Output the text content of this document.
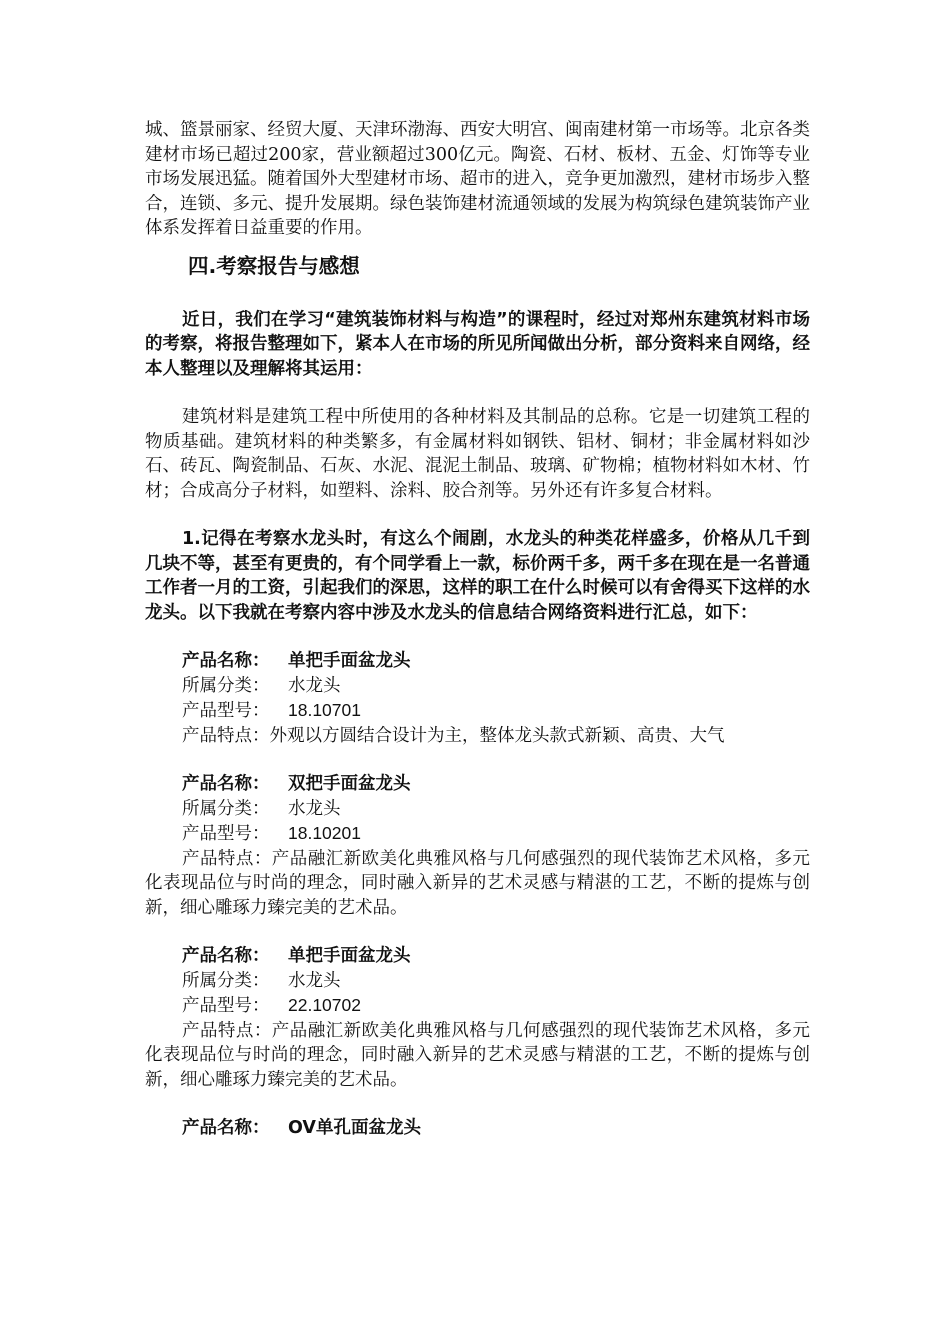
城、篮景丽家、经贸大厦、天津环渤海、西安大明宫、闽南建材第一市场等。北京各类建材市场已超过200家，营业额超过300亿元。陶瓷、石材、板材、五金、灯饰等专业市场发展迅猛。随着国外大型建材市场、超市的进入，竞争更加激烈，建材市场步入整合，连锁、多元、提升发展期。绿色装饰建材流通领域的发展为构筑绿色建筑装饰产业体系发挥着日益重要的作用。

四.考察报告与感想

近日，我们在学习“建筑装饰材料与构造”的课程时，经过对郑州东建筑材料市场的考察，将报告整理如下，紧本人在市场的所见所闻做出分析，部分资料来自网络，经本人整理以及理解将其运用：

建筑材料是建筑工程中所使用的各种材料及其制品的总称。它是一切建筑工程的物质基础。建筑材料的种类繁多，有金属材料如钢铁、铝材、铜材；非金属材料如沙石、砖瓦、陶瓷制品、石灰、水泥、混泥土制品、玻璃、矿物棉；植物材料如木材、竹材；合成高分子材料，如塑料、涂料、胶合剂等。另外还有许多复合材料。

1.记得在考察水龙头时，有这么个闹剧，水龙头的种类花样盛多，价格从几千到几块不等，甚至有更贵的，有个同学看上一款，标价两千多，两千多在现在是一名普通工作者一月的工资，引起我们的深思，这样的职工在什么时候可以有舍得买下这样的水龙头。以下我就在考察内容中涉及水龙头的信息结合网络资料进行汇总，如下：

产品名称： 单把手面盆龙头

所属分类： 水龙头

产品型号： 18.10701

产品特点：外观以方圆结合设计为主，整体龙头款式新颖、高贵、大气

产品名称： 双把手面盆龙头

所属分类： 水龙头

产品型号： 18.10201

产品特点：产品融汇新欧美化典雅风格与几何感强烈的现代装饰艺术风格，多元化表现品位与时尚的理念，同时融入新异的艺术灵感与精湛的工艺，不断的提炼与创新，细心雕琢力臻完美的艺术品。

产品名称： 单把手面盆龙头

所属分类： 水龙头

产品型号： 22.10702

产品特点：产品融汇新欧美化典雅风格与几何感强烈的现代装饰艺术风格，多元化表现品位与时尚的理念，同时融入新异的艺术灵感与精湛的工艺，不断的提炼与创新，细心雕琢力臻完美的艺术品。

产品名称： OV单孔面盆龙头
